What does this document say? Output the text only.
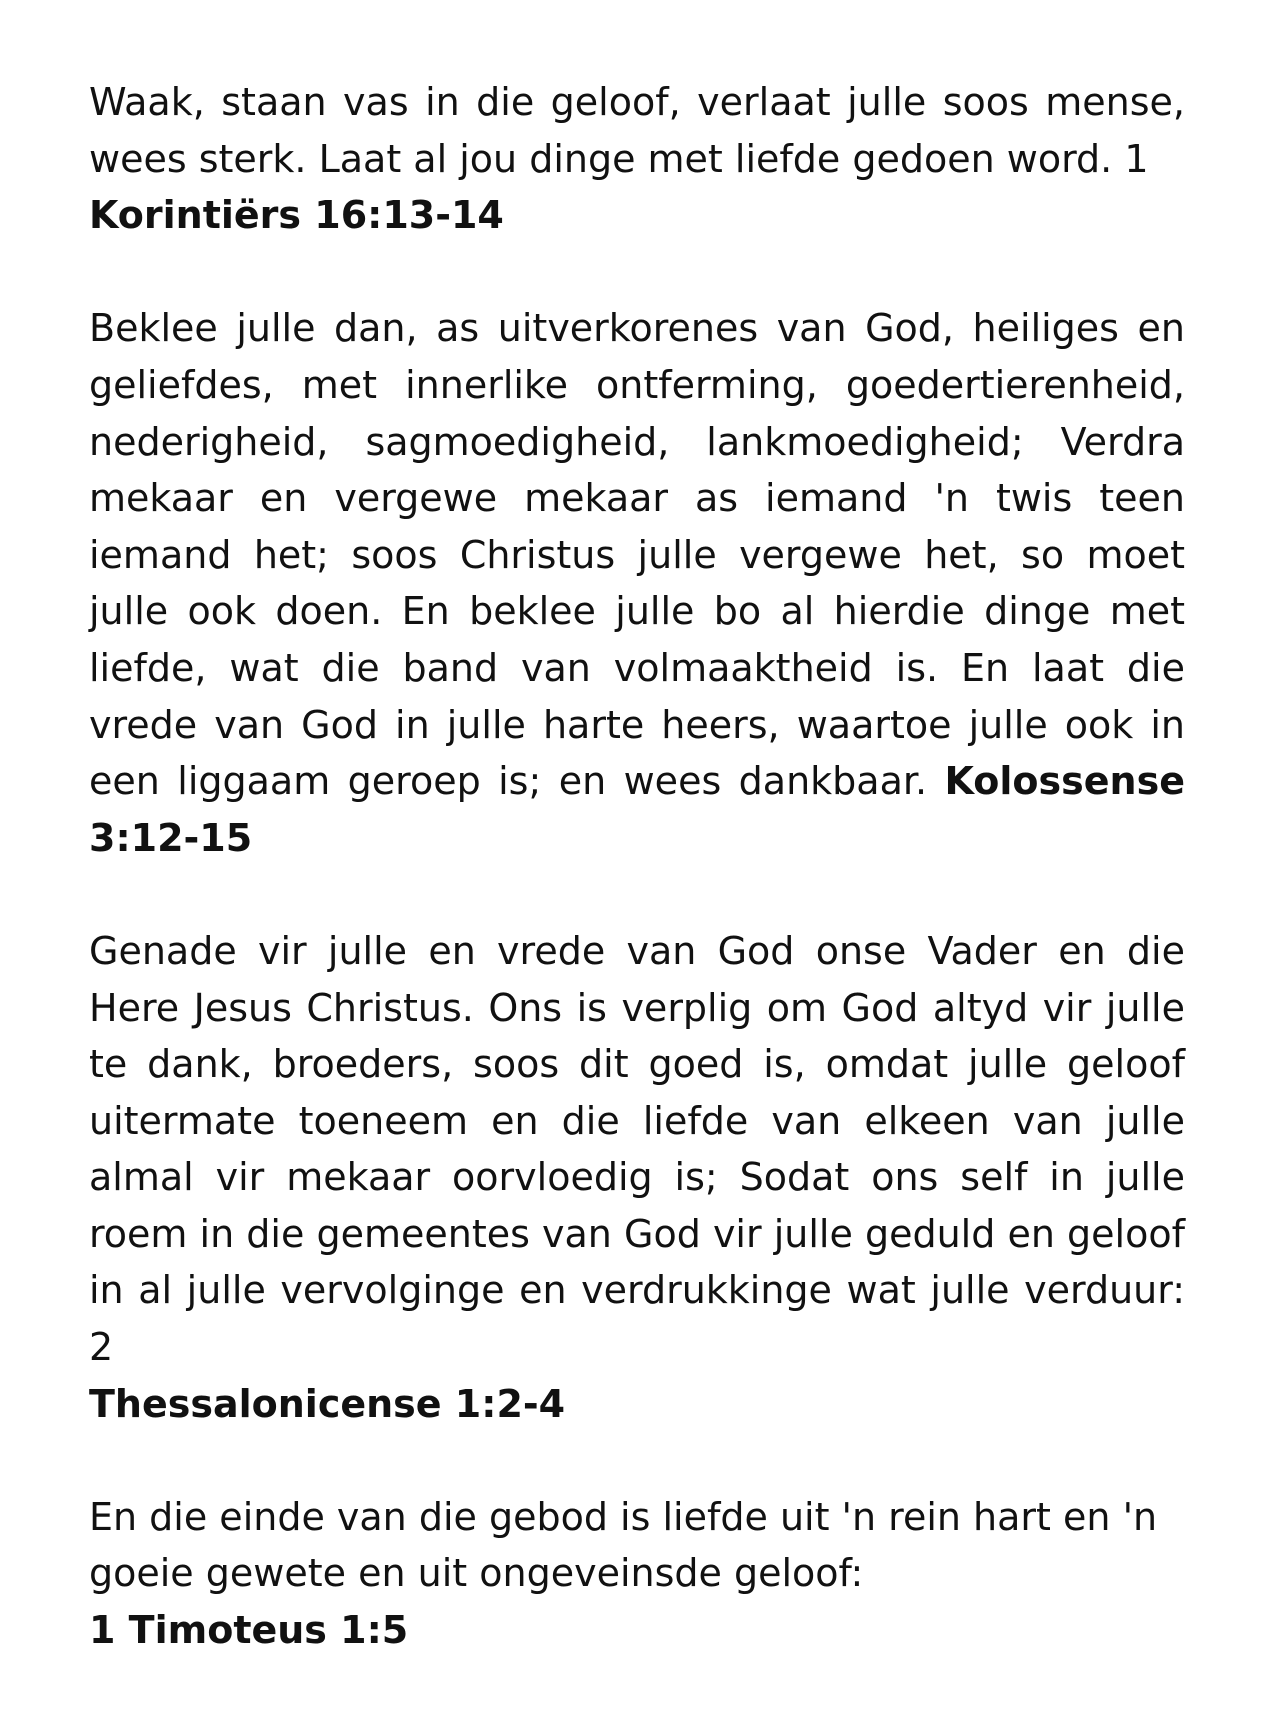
Waak, staan vas in die geloof, verlaat julle soos mense, wees sterk. Laat al jou dinge met liefde gedoen word. 1
Korintiërs 16:13-14

Beklee julle dan, as uitverkorenes van God, heiliges en geliefdes, met innerlike ontferming, goedertierenheid, nederigheid, sagmoedigheid, lankmoedigheid; Verdra mekaar en vergewe mekaar as iemand 'n twis teen iemand het; soos Christus julle vergewe het, so moet julle ook doen. En beklee julle bo al hierdie dinge met liefde, wat die band van volmaaktheid is. En laat die vrede van God in julle harte heers, waartoe julle ook in een liggaam geroep is; en wees dankbaar. Kolossense 3:12-15

Genade vir julle en vrede van God onse Vader en die Here Jesus Christus. Ons is verplig om God altyd vir julle te dank, broeders, soos dit goed is, omdat julle geloof uitermate toeneem en die liefde van elkeen van julle almal vir mekaar oorvloedig is; Sodat ons self in julle roem in die gemeentes van God vir julle geduld en geloof in al julle vervolginge en verdrukkinge wat julle verduur: 2
Thessalonicense 1:2-4

En die einde van die gebod is liefde uit 'n rein hart en 'n goeie gewete en uit ongeveinsde geloof:
1 Timoteus 1:5
